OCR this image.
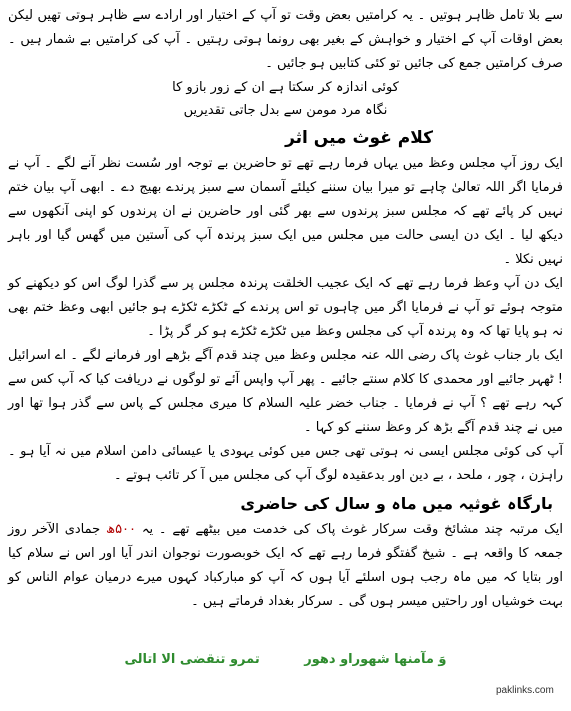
سے بلا تامل ظاہر ہوتیں ۔ یہ کرامتیں بعض وقت تو آپ کے اختیار اور ارادے سے ظاہر ہوتی تھیں لیکن بعض اوقات آپ کے اختیار و خواہش کے بغیر بھی رونما ہوتی رہتیں ۔ آپ کی کرامتیں بے شمار ہیں ۔ صرف کرامتیں جمع کی جائیں تو کئی کتابیں ہو جائیں ۔

کوئی اندازہ کر سکتا ہے ان کے زور بازو کا

نگاہ مرد مومن سے بدل جاتی تقدیریں

کلام غوث میں اثر

ایک روز آپ مجلس وعظ میں یہاں فرما رہے تھے تو حاضرین بے توجہ اور سُست نظر آنے لگے ۔ آپ نے فرمایا اگر اللہ تعالیٰ چاہے تو میرا بیان سننے کیلئے آسمان سے سبز پرندے بھیج دے ۔ ابھی آپ بیان ختم نہیں کر پائے تھے کہ مجلس سبز پرندوں سے بھر گئی اور حاضرین نے ان پرندوں کو اپنی آنکھوں سے دیکھ لیا ۔ ایک دن ایسی حالت میں مجلس میں ایک سبز پرندہ آپ کی آستین میں گھس گیا اور باہر نہیں نکلا ۔

ایک دن آپ وعظ فرما رہے تھے کہ ایک عجیب الخلقت پرندہ مجلس پر سے گذرا لوگ اس کو دیکھنے کو متوجہ ہوئے تو آپ نے فرمایا اگر میں چاہوں تو اس پرندے کے ٹکڑے ٹکڑے ہو جائیں ابھی وعظ ختم بھی نہ ہو پایا تھا کہ وہ پرندہ آپ کی مجلس وعظ میں ٹکڑے ٹکڑے ہو کر گر پڑا ۔

ایک بار جناب غوث پاک رضی اللہ عنہ مجلس وعظ میں چند قدم آگے بڑھے اور فرمانے لگے ۔ اے اسرائیل ! ٹھہر جائیے اور محمدی کا کلام سنتے جائیے ۔ پھر آپ واپس آئے تو لوگوں نے دریافت کیا کہ آپ کس سے کہہ رہے تھے ؟ آپ نے فرمایا ۔ جناب خضر علیہ السلام کا میری مجلس کے پاس سے گذر ہوا تھا اور میں نے چند قدم آگے بڑھ کر وعظ سننے کو کہا ۔

آپ کی کوئی مجلس ایسی نہ ہوتی تھی جس میں کوئی یہودی یا عیسائی دامن اسلام میں نہ آیا ہو ۔ راہزن ، چور ، ملحد ، بے دین اور بدعقیدہ لوگ آپ کی مجلس میں آ کر تائب ہوتے ۔

بارگاہ غوثیہ میں ماہ و سال کی حاضری

ایک مرتبہ چند مشائخ وقت سرکار غوث پاک کی خدمت میں بیٹھے تھے ۔ یہ ۵۰۰ھ جمادی الآخر روز جمعہ کا واقعہ ہے ۔ شیخ گفتگو فرما رہے تھے کہ ایک خوبصورت نوجوان اندر آیا اور اس نے سلام کیا اور بتایا کہ میں ماہ رجب ہوں اسلئے آیا ہوں کہ آپ کو مبارکباد کہوں میرے درمیان عوام الناس کو بہت خوشیاں اور راحتیں میسر ہوں گی ۔ سرکار بغداد فرماتے ہیں ۔

وَ مآمنها شهوراو دهور تمرو تنقضى الا اتالى
paklinks.com
